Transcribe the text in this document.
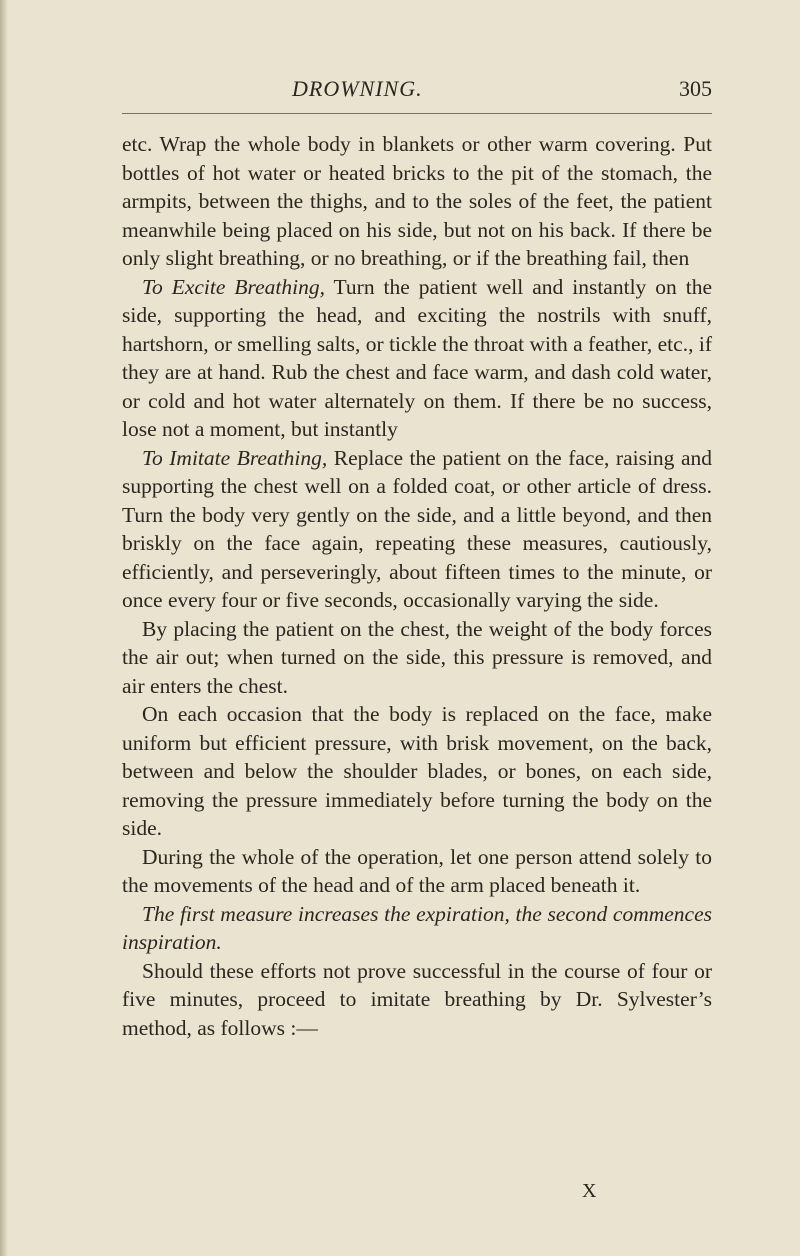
DROWNING.	305

etc. Wrap the whole body in blankets or other warm covering. Put bottles of hot water or heated bricks to the pit of the stomach, the armpits, between the thighs, and to the soles of the feet, the patient meanwhile being placed on his side, but not on his back. If there be only slight breathing, or no breathing, or if the breathing fail, then

To Excite Breathing, Turn the patient well and instantly on the side, supporting the head, and exciting the nostrils with snuff, hartshorn, or smelling salts, or tickle the throat with a feather, etc., if they are at hand. Rub the chest and face warm, and dash cold water, or cold and hot water alternately on them. If there be no success, lose not a moment, but instantly

To Imitate Breathing, Replace the patient on the face, raising and supporting the chest well on a folded coat, or other article of dress. Turn the body very gently on the side, and a little beyond, and then briskly on the face again, repeating these measures, cautiously, efficiently, and perseveringly, about fifteen times to the minute, or once every four or five seconds, occasionally varying the side.

By placing the patient on the chest, the weight of the body forces the air out; when turned on the side, this pressure is removed, and air enters the chest.

On each occasion that the body is replaced on the face, make uniform but efficient pressure, with brisk movement, on the back, between and below the shoulder blades, or bones, on each side, removing the pressure immediately before turning the body on the side.

During the whole of the operation, let one person attend solely to the movements of the head and of the arm placed beneath it.

The first measure increases the expiration, the second commences inspiration.

Should these efforts not prove successful in the course of four or five minutes, proceed to imitate breathing by Dr. Sylvester’s method, as follows :—

X
